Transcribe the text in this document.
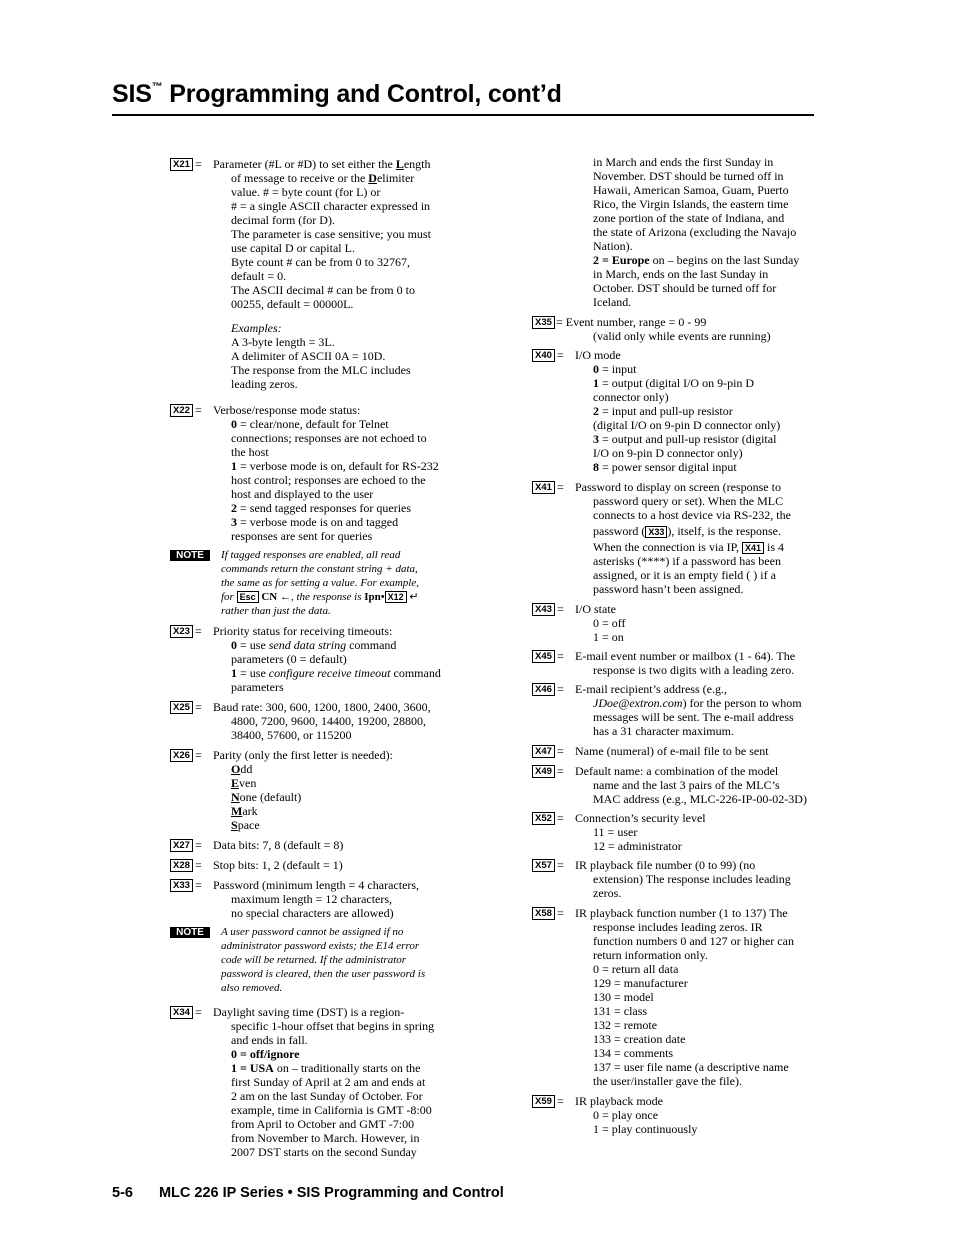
SIS™ Programming and Control, cont’d
X21 = Parameter (#L or #D) to set either the Length
of message to receive or the Delimiter
value. # = byte count (for L) or
# = a single ASCII character expressed in
decimal form (for D).
The parameter is case sensitive; you must
use capital D or capital L.
Byte count # can be from 0 to 32767,
default = 0.
The ASCII decimal # can be from 0 to
00255, default = 00000L.
Examples:
A 3-byte length = 3L.
A delimiter of ASCII 0A = 10D.
The response from the MLC includes
leading zeros.
X22 = Verbose/response mode status:
0 = clear/none, default for Telnet
connections; responses are not echoed to
the host
1 = verbose mode is on, default for RS-232
host control; responses are echoed to the
host and displayed to the user
2 = send tagged responses for queries
3 = verbose mode is on and tagged
responses are sent for queries
NOTE	If tagged responses are enabled, all read
commands return the constant string + data,
the same as for setting a value. For example,
for Esc CN ←, the response is Ipn• X12 ↵
rather than just the data.
X23 = Priority status for receiving timeouts:
0 = use send data string command
parameters (0 = default)
1 = use configure receive timeout command
parameters
X25 = Baud rate: 300, 600, 1200, 1800, 2400, 3600,
4800, 7200, 9600, 14400, 19200, 28800,
38400, 57600, or 115200
X26 = Parity (only the first letter is needed):
Odd
Even
None (default)
Mark
Space
X27 = Data bits: 7, 8 (default = 8)
X28 = Stop bits: 1, 2 (default = 1)
X33 = Password (minimum length = 4 characters,
maximum length = 12 characters,
no special characters are allowed)
NOTE	A user password cannot be assigned if no
administrator password exists; the E14 error
code will be returned. If the administrator
password is cleared, then the user password is
also removed.
X34 = Daylight saving time (DST) is a region-
specific 1-hour offset that begins in spring
and ends in fall.
0 = off/ignore
1 = USA on – traditionally starts on the
first Sunday of April at 2 am and ends at
2 am on the last Sunday of October. For
example, time in California is GMT -8:00
from April to October and GMT -7:00
from November to March. However, in
2007 DST starts on the second Sunday
in March and ends the first Sunday in
November. DST should be turned off in
Hawaii, American Samoa, Guam, Puerto
Rico, the Virgin Islands, the eastern time
zone portion of the state of Indiana, and
the state of Arizona (excluding the Navajo
Nation).
2 = Europe on – begins on the last Sunday
in March, ends on the last Sunday in
October. DST should be turned off for
Iceland.
X35 = Event number, range = 0 - 99
(valid only while events are running)
X40 = I/O mode
0 = input
1 = output (digital I/O on 9-pin D
connector only)
2 = input and pull-up resistor
(digital I/O on 9-pin D connector only)
3 = output and pull-up resistor (digital
I/O on 9-pin D connector only)
8 = power sensor digital input
X41 = Password to display on screen (response to
password query or set). When the MLC
connects to a host device via RS-232, the
password ( X33 ), itself, is the response.
When the connection is via IP, X41 is 4
asterisks (****) if a password has been
assigned, or it is an empty field ( ) if a
password hasn’t been assigned.
X43 = I/O state
0 = off
1 = on
X45 = E-mail event number or mailbox (1 - 64). The
response is two digits with a leading zero.
X46 = E-mail recipient’s address (e.g.,
JDoe@extron.com) for the person to whom
messages will be sent. The e-mail address
has a 31 character maximum.
X47 = Name (numeral) of e-mail file to be sent
X49 = Default name: a combination of the model
name and the last 3 pairs of the MLC’s
MAC address (e.g., MLC-226-IP-00-02-3D)
X52 = Connection’s security level
11 = user
12 = administrator
X57 = IR playback file number (0 to 99) (no
extension) The response includes leading
zeros.
X58 = IR playback function number (1 to 137) The
response includes leading zeros. IR
function numbers 0 and 127 or higher can
return information only.
0 = return all data
129 = manufacturer
130 = model
131 = class
132 = remote
133 = creation date
134 = comments
137 = user file name (a descriptive name
the user/installer gave the file).
X59 = IR playback mode
0 = play once
1 = play continuously
5-6 MLC 226 IP Series • SIS Programming and Control
